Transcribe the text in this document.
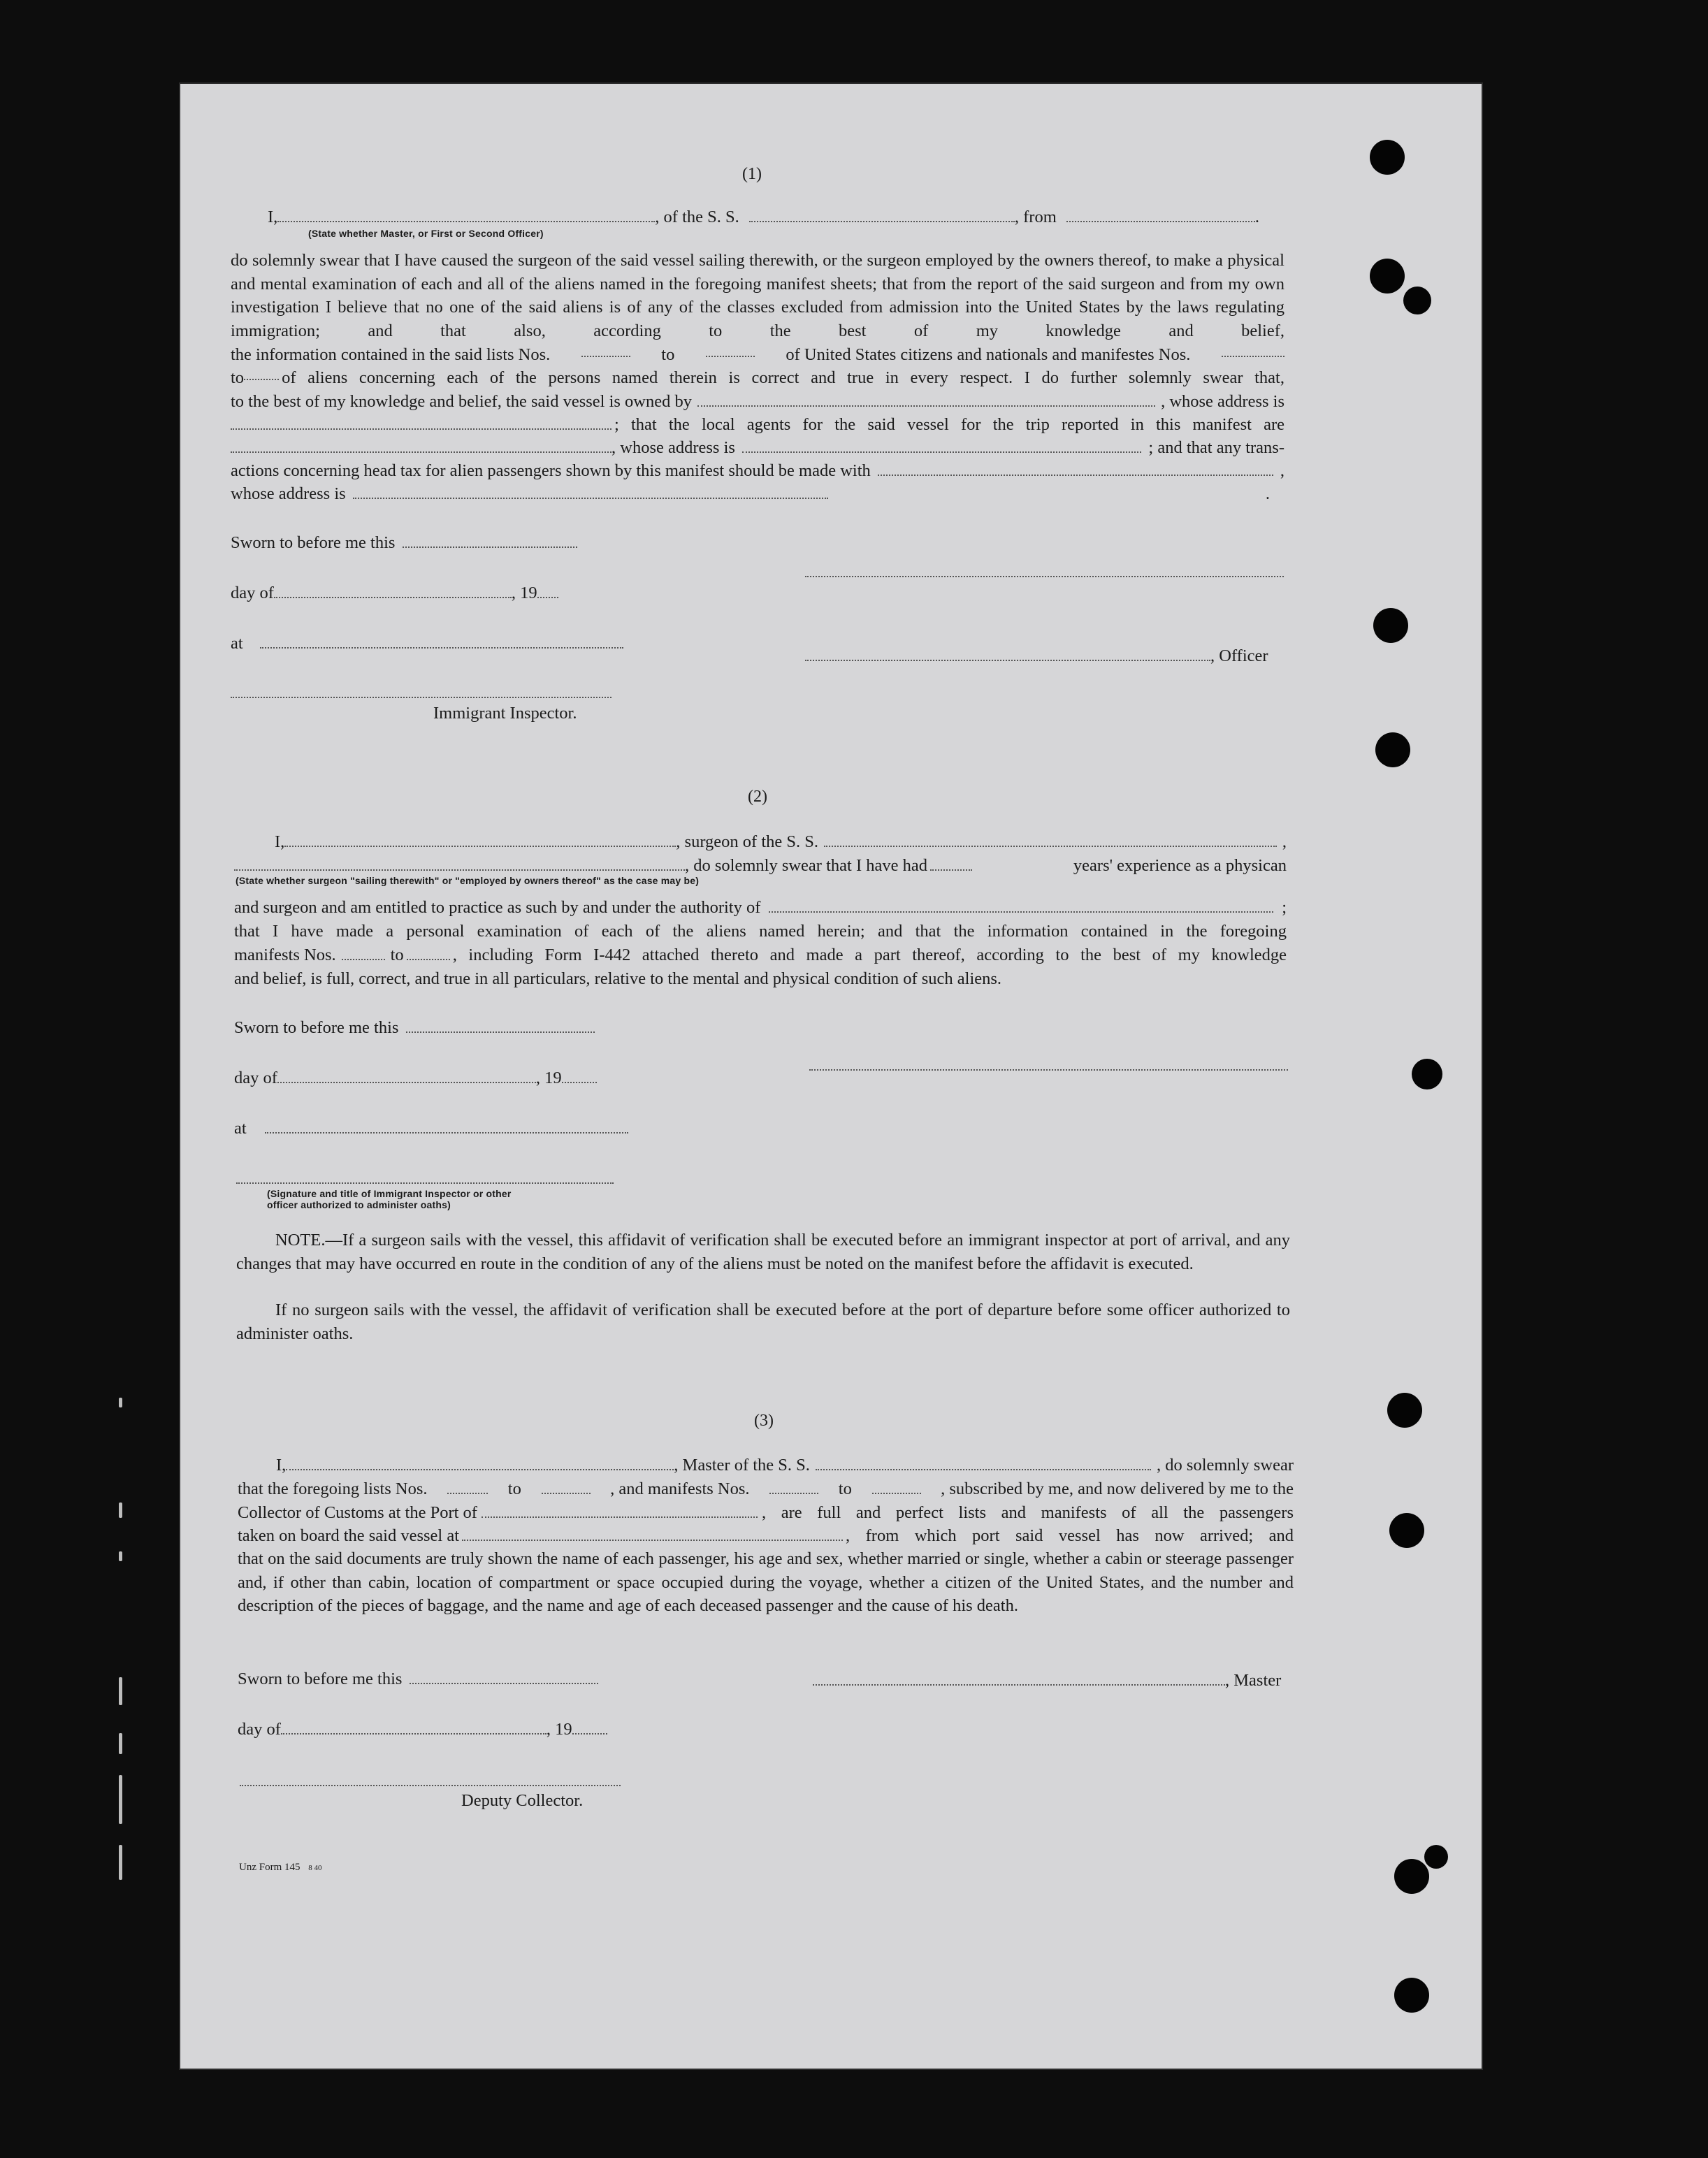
(1)
I,	, of the S. S.	, from	.
(State whether Master, or First or Second Officer)
do solemnly swear that I have caused the surgeon of the said vessel sailing therewith, or the surgeon employed by the owners thereof, to make a physical and mental examination of each and all of the aliens named in the foregoing manifest sheets; that from the report of the said surgeon and from my own investigation I believe that no one of the said aliens is of any of the classes excluded from admission into the United States by the laws regulating immigration; and that also, according to the best of my knowledge and belief,
the information contained in the said lists Nos.	to	of United States citizens and nationals and manifestes Nos.
to of aliens concerning each of the persons named therein is correct and true in every respect. I do further solemnly swear that,
to the best of my knowledge and belief, the said vessel is owned by	, whose address is
; that the local agents for the said vessel for the trip reported in this manifest are
, whose address is	; and that any trans-
actions concerning head tax for alien passengers shown by this manifest should be made with	,
whose address is	.
Sworn to before me this
day of	, 19
at
, Officer
Immigrant Inspector.
(2)
I,	, surgeon of the S. S.	,
, do solemnly swear that I have had	years' experience as a physican
(State whether surgeon "sailing therewith" or "employed by owners thereof" as the case may be)
and surgeon and am entitled to practice as such by and under the authority of	;
that I have made a personal examination of each of the aliens named herein; and that the information contained in the foregoing
manifests Nos.	to	, including Form I-442 attached thereto and made a part thereof, according to the best of my knowledge
and belief, is full, correct, and true in all particulars, relative to the mental and physical condition of such aliens.
Sworn to before me this
day of	, 19
at
(Signature and title of Immigrant Inspector or other
officer authorized to administer oaths)
NOTE.—If a surgeon sails with the vessel, this affidavit of verification shall be executed before an immigrant inspector at port of arrival, and any changes that may have occurred en route in the condition of any of the aliens must be noted on the manifest before the affidavit is executed.
If no surgeon sails with the vessel, the affidavit of verification shall be executed before at the port of departure before some officer authorized to administer oaths.
(3)
I,	, Master of the S. S.	, do solemnly swear
that the foregoing lists Nos.	to	, and manifests Nos.	to	, subscribed by me, and now delivered by me to the
Collector of Customs at the Port of	, are full and perfect lists and manifests of all the passengers
taken on board the said vessel at	, from which port said vessel has now arrived; and
that on the said documents are truly shown the name of each passenger, his age and sex, whether married or single, whether a cabin or steerage passenger and, if other than cabin, location of compartment or space occupied during the voyage, whether a citizen of the United States, and the number and description of the pieces of baggage, and the name and age of each deceased passenger and the cause of his death.
Sworn to before me this	, Master
day of	, 19
Deputy Collector.
Unz Form 145 8 40
